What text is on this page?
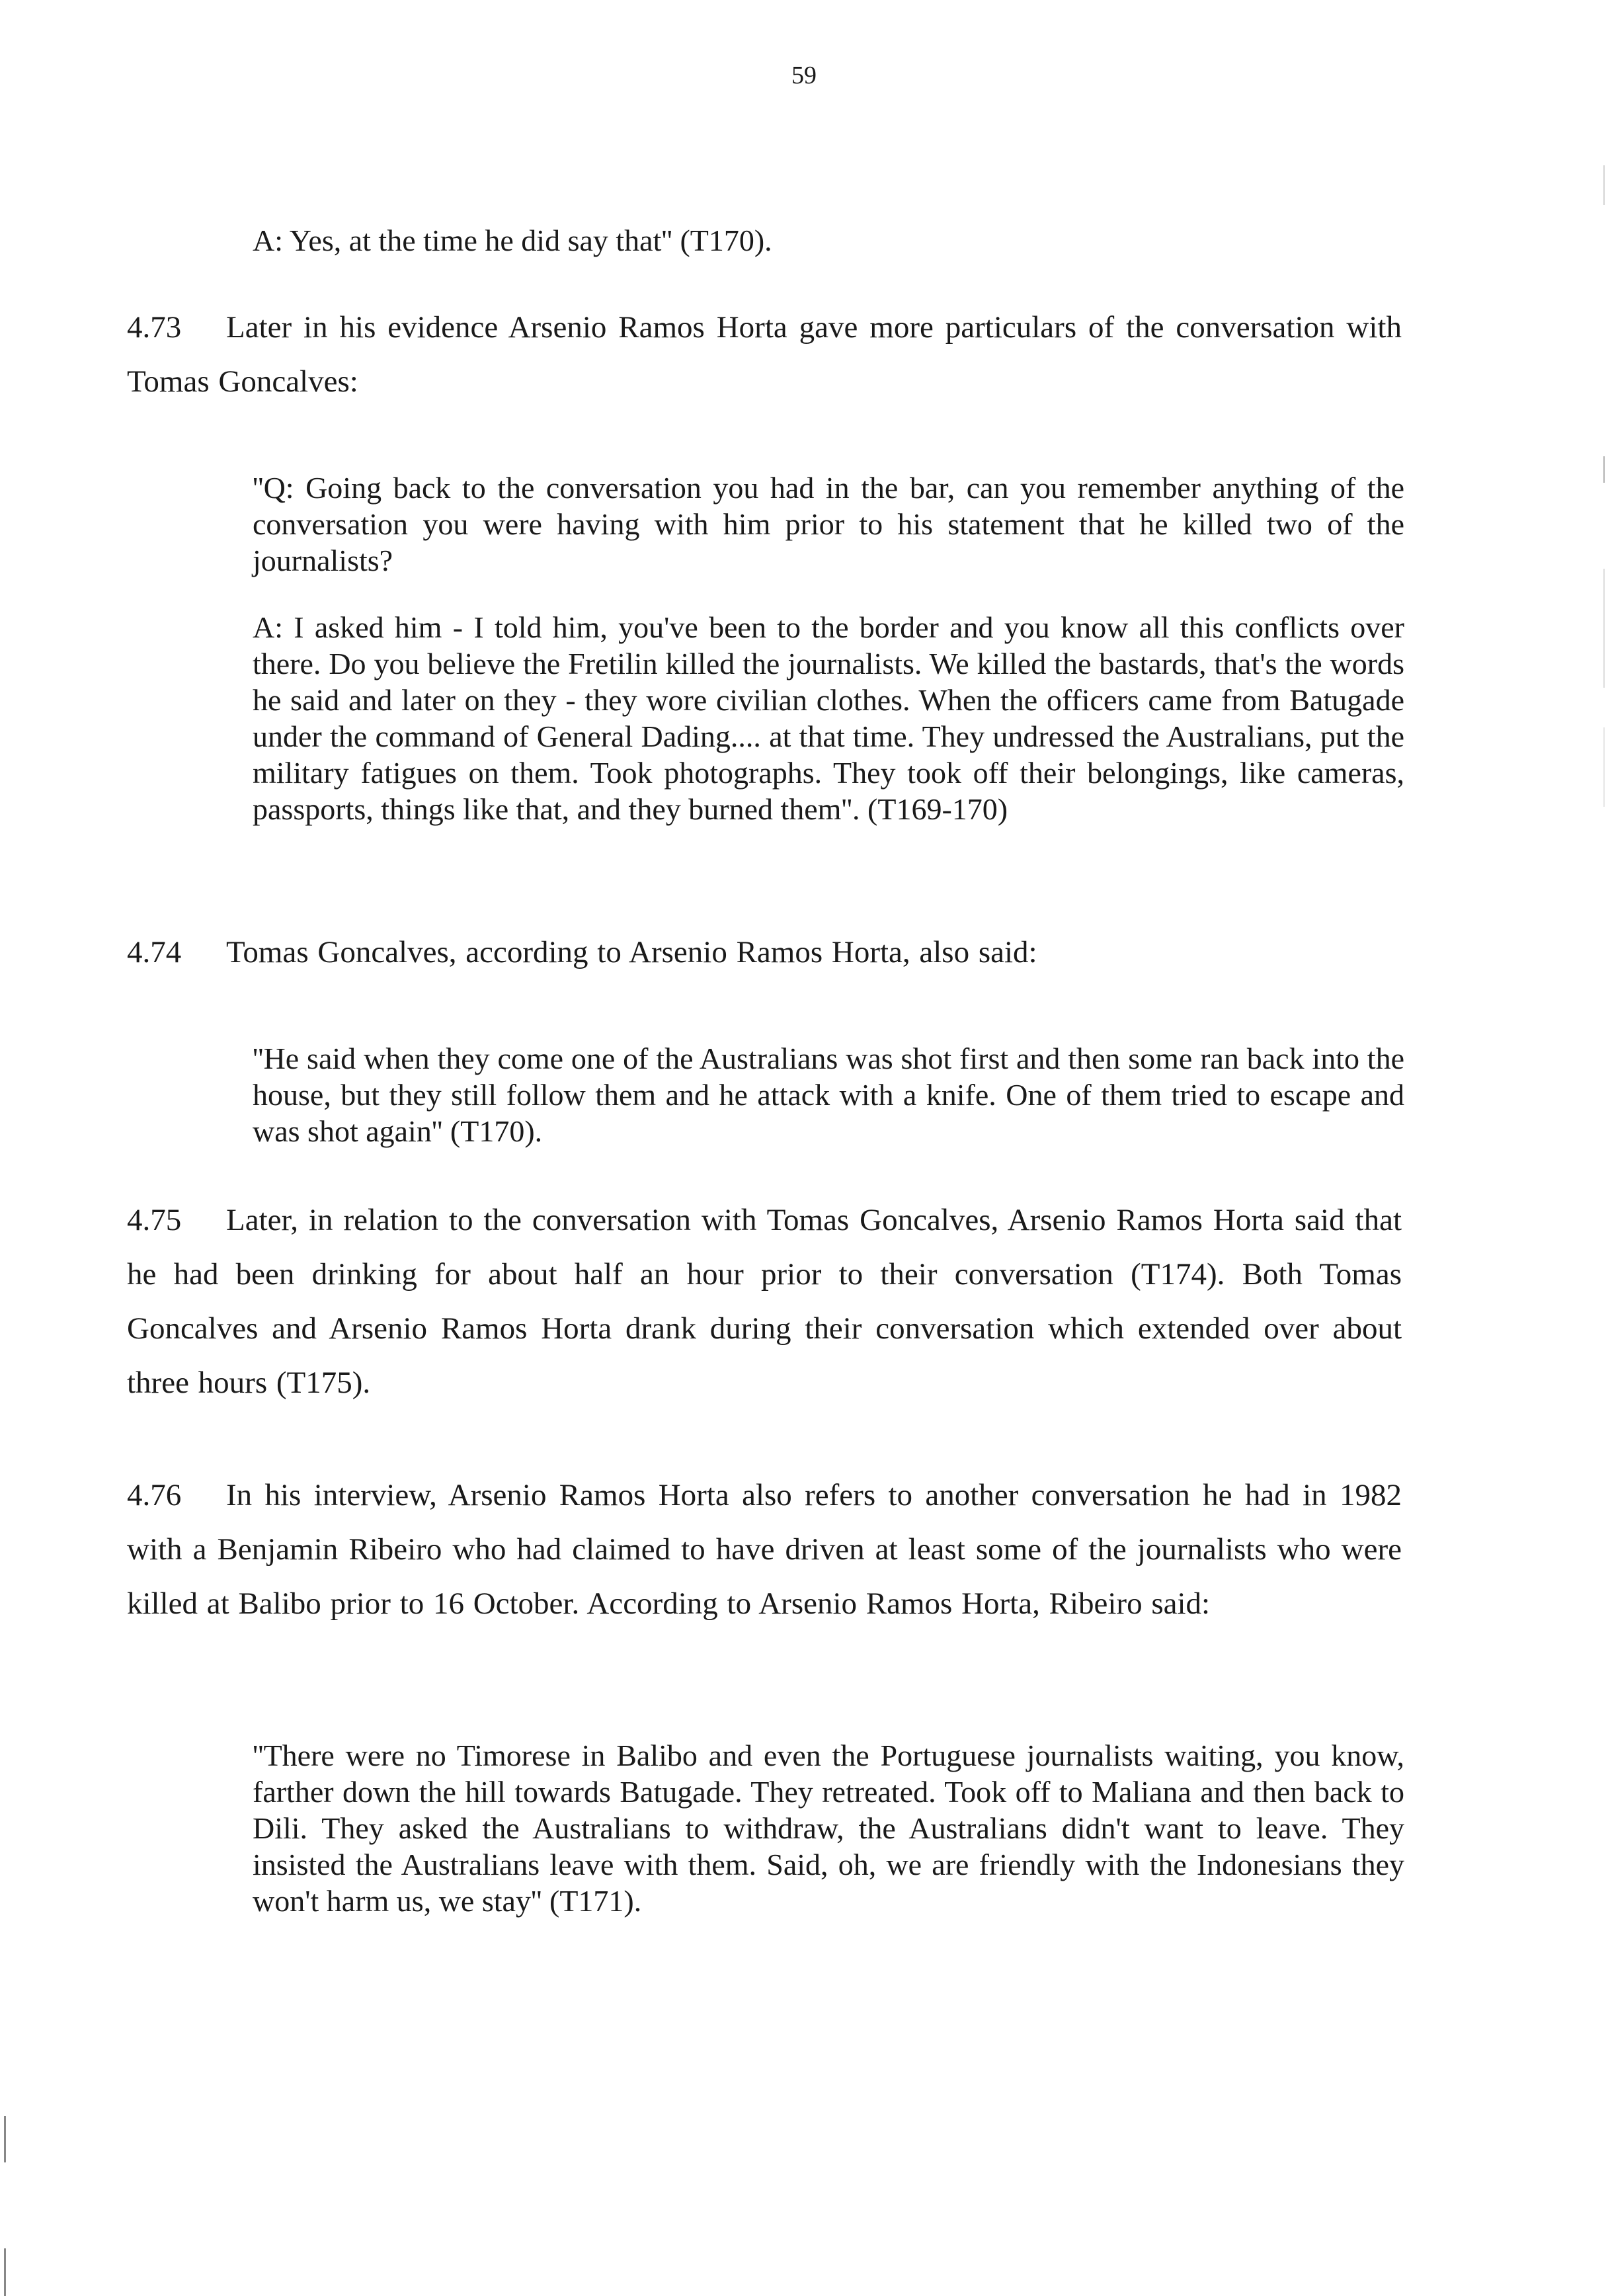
59

A: Yes, at the time he did say that'' (T170).

4.73 Later in his evidence Arsenio Ramos Horta gave more particulars of the conversation with Tomas Goncalves:

''Q: Going back to the conversation you had in the bar, can you remember anything of the conversation you were having with him prior to his statement that he killed two of the journalists?

A: I asked him - I told him, you've been to the border and you know all this conflicts over there. Do you believe the Fretilin killed the journalists. We killed the bastards, that's the words he said and later on they - they wore civilian clothes. When the officers came from Batugade under the command of General Dading.... at that time. They undressed the Australians, put the military fatigues on them. Took photographs. They took off their belongings, like cameras, passports, things like that, and they burned them''. (T169-170)

4.74 Tomas Goncalves, according to Arsenio Ramos Horta, also said:

''He said when they come one of the Australians was shot first and then some ran back into the house, but they still follow them and he attack with a knife. One of them tried to escape and was shot again'' (T170).

4.75 Later, in relation to the conversation with Tomas Goncalves, Arsenio Ramos Horta said that he had been drinking for about half an hour prior to their conversation (T174). Both Tomas Goncalves and Arsenio Ramos Horta drank during their conversation which extended over about three hours (T175).
4.76 In his interview, Arsenio Ramos Horta also refers to another conversation he had in 1982 with a Benjamin Ribeiro who had claimed to have driven at least some of the journalists who were killed at Balibo prior to 16 October. According to Arsenio Ramos Horta, Ribeiro said:

''There were no Timorese in Balibo and even the Portuguese journalists waiting, you know, farther down the hill towards Batugade. They retreated. Took off to Maliana and then back to Dili. They asked the Australians to withdraw, the Australians didn't want to leave. They insisted the Australians leave with them. Said, oh, we are friendly with the Indonesians they won't harm us, we stay'' (T171).
